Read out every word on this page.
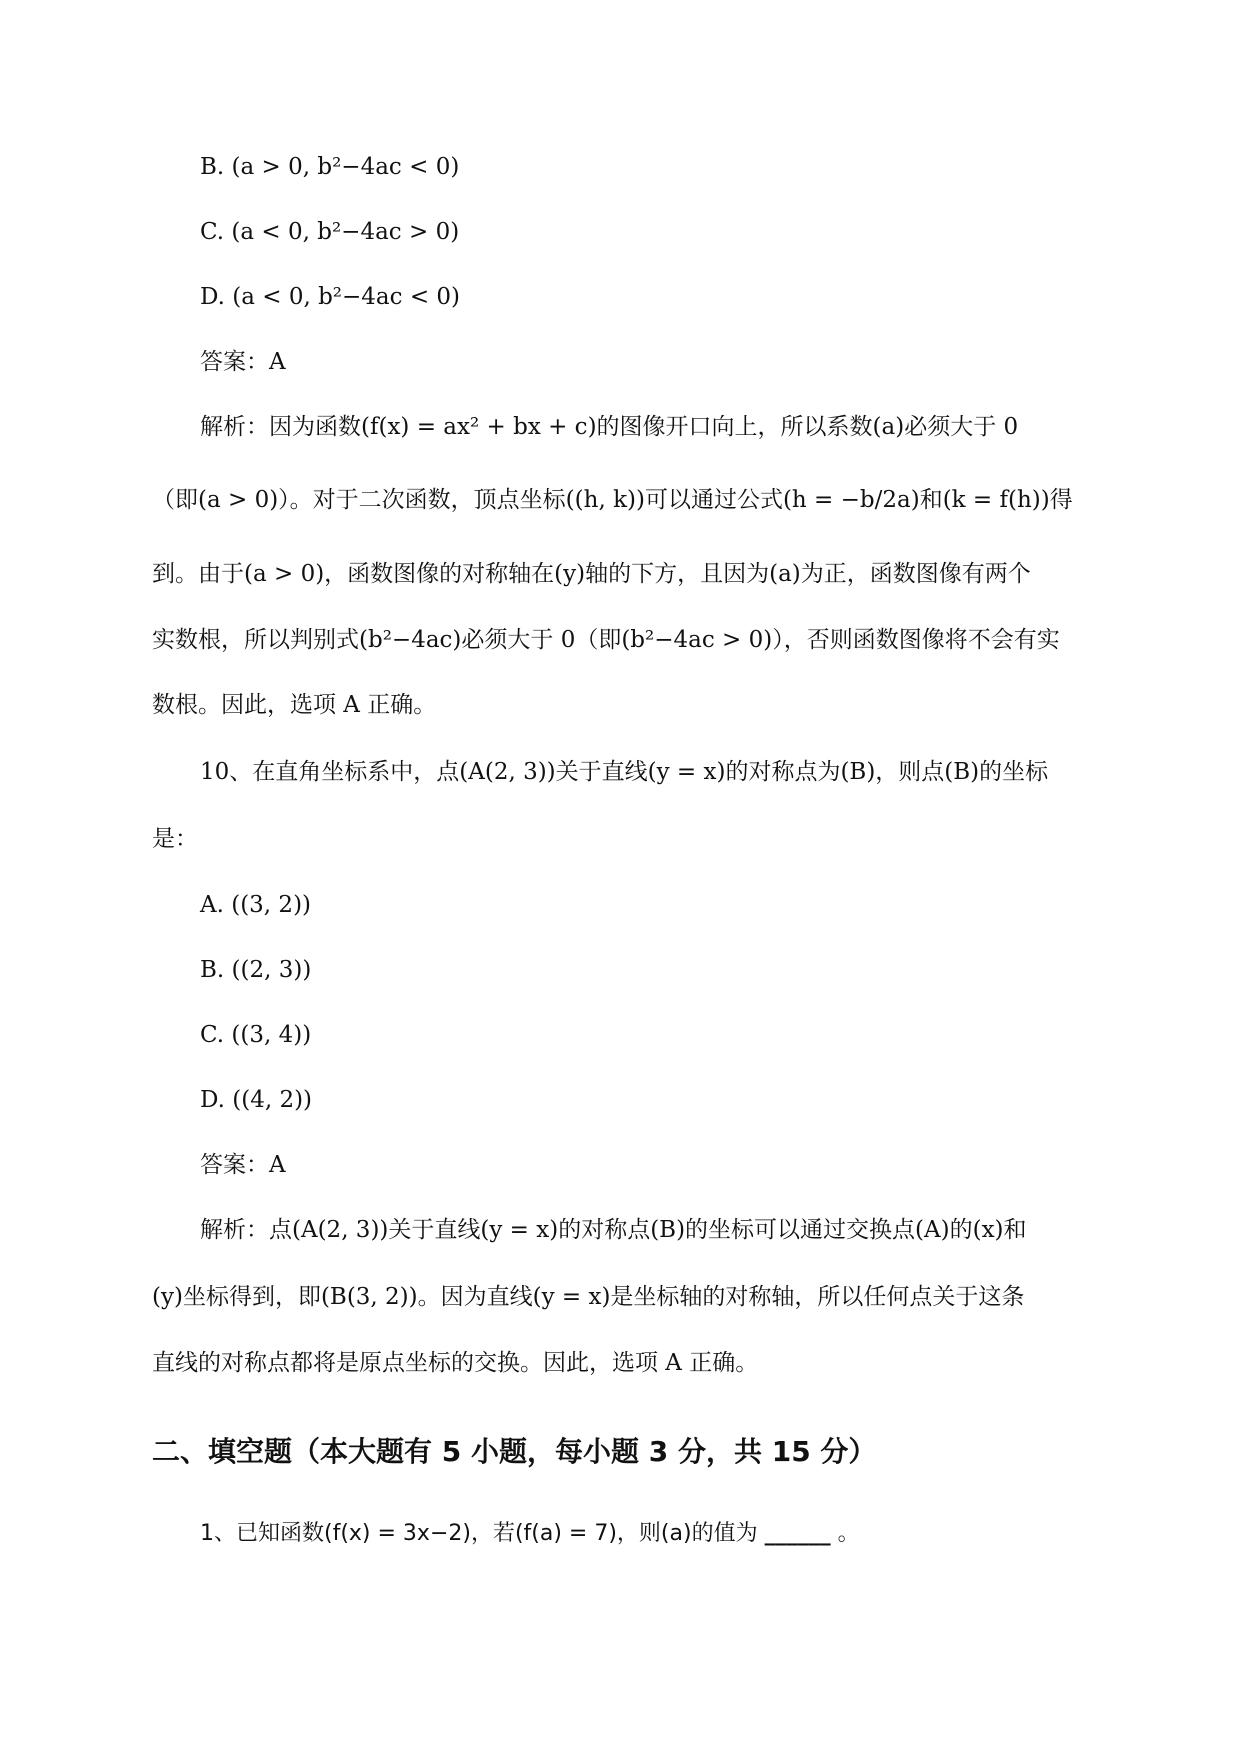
B. (a > 0, b²−4ac < 0)
C. (a < 0, b²−4ac > 0)
D. (a < 0, b²−4ac < 0)
答案：A
解析：因为函数(f(x) = ax² + bx + c)的图像开口向上，所以系数(a)必须大于 0
（即(a > 0)）。对于二次函数，顶点坐标((h, k))可以通过公式(h = −b/2a)和(k = f(h))得
到。由于(a > 0)，函数图像的对称轴在(y)轴的下方，且因为(a)为正，函数图像有两个
实数根，所以判别式(b²−4ac)必须大于 0（即(b²−4ac > 0)），否则函数图像将不会有实
数根。因此，选项 A 正确。
10、在直角坐标系中，点(A(2, 3))关于直线(y = x)的对称点为(B)，则点(B)的坐标
是：
A. ((3, 2))
B. ((2, 3))
C. ((3, 4))
D. ((4, 2))
答案：A
解析：点(A(2, 3))关于直线(y = x)的对称点(B)的坐标可以通过交换点(A)的(x)和
(y)坐标得到，即(B(3, 2))。因为直线(y = x)是坐标轴的对称轴，所以任何点关于这条
直线的对称点都将是原点坐标的交换。因此，选项 A 正确。
二、填空题（本大题有 5 小题，每小题 3 分，共 15 分）
1、已知函数(f(x) = 3x−2)，若(f(a) = 7)，则(a)的值为 ______ 。
